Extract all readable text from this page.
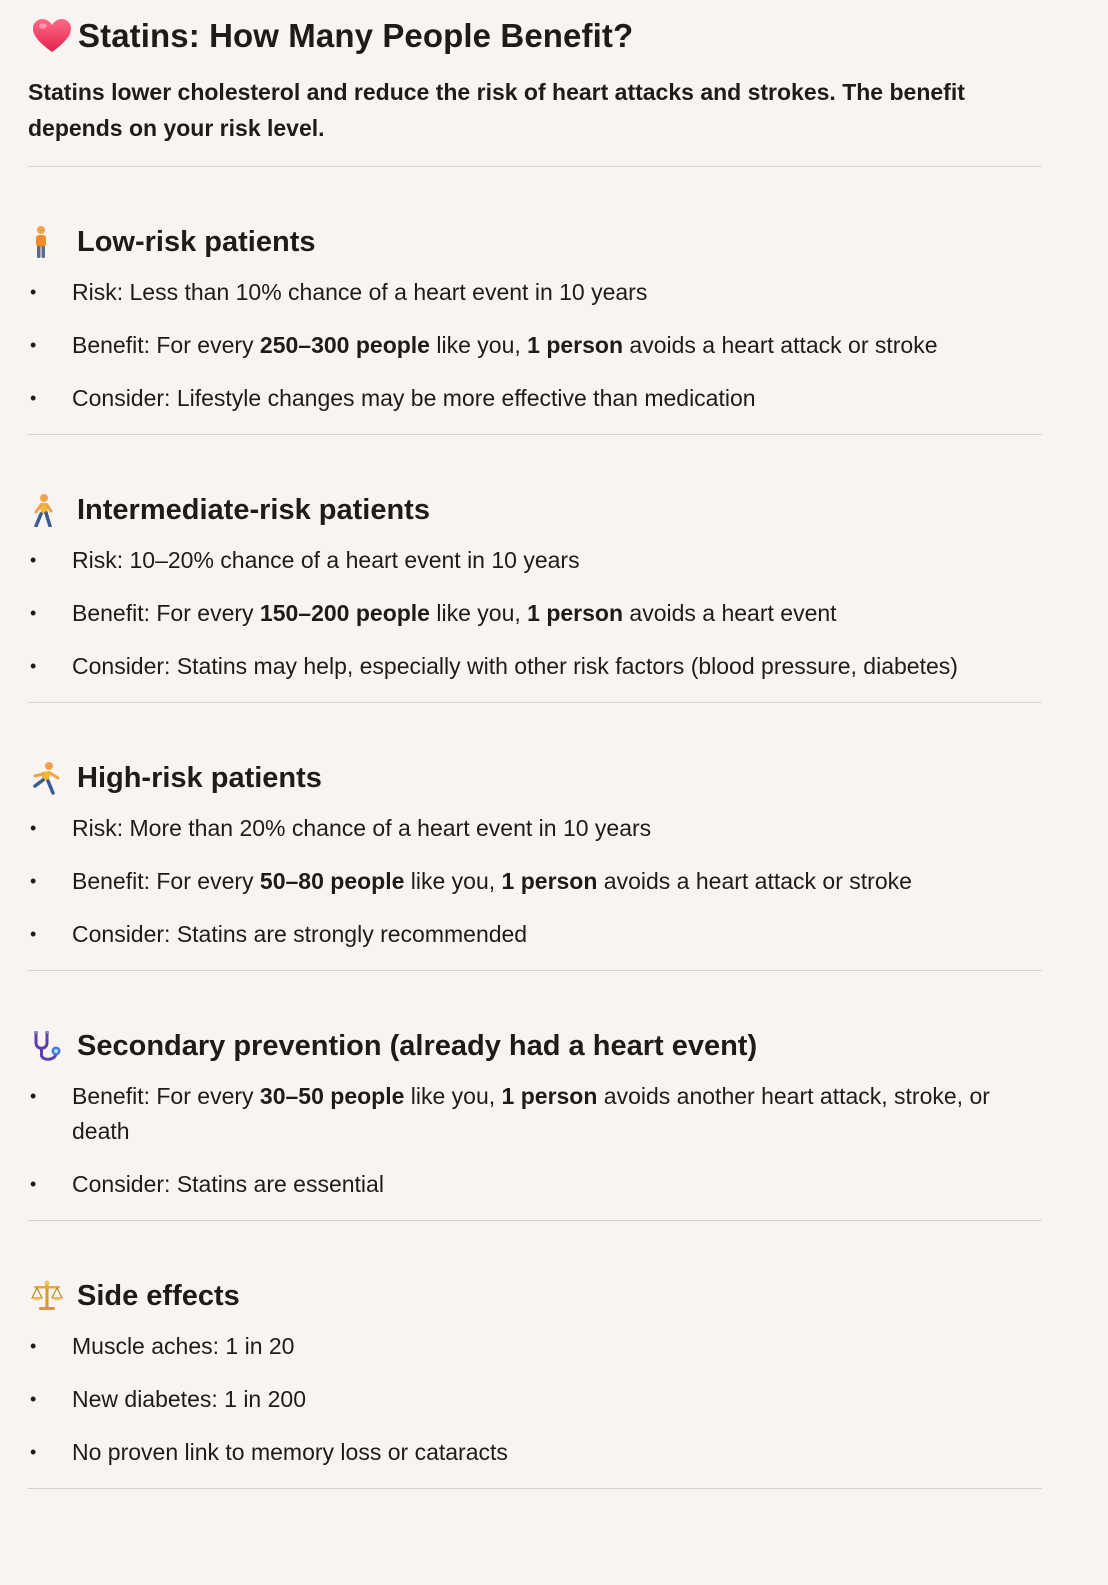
Statins: How Many People Benefit?

Statins lower cholesterol and reduce the risk of heart attacks and strokes. The benefit depends on your risk level.

Low-risk patients
• Risk: Less than 10% chance of a heart event in 10 years
• Benefit: For every 250–300 people like you, 1 person avoids a heart attack or stroke
• Consider: Lifestyle changes may be more effective than medication
Intermediate-risk patients
• Risk: 10–20% chance of a heart event in 10 years
• Benefit: For every 150–200 people like you, 1 person avoids a heart event
• Consider: Statins may help, especially with other risk factors (blood pressure, diabetes)
High-risk patients
• Risk: More than 20% chance of a heart event in 10 years
• Benefit: For every 50–80 people like you, 1 person avoids a heart attack or stroke
• Consider: Statins are strongly recommended
Secondary prevention (already had a heart event)
• Benefit: For every 30–50 people like you, 1 person avoids another heart attack, stroke, or death
• Consider: Statins are essential
Side effects
• Muscle aches: 1 in 20
• New diabetes: 1 in 200
• No proven link to memory loss or cataracts
